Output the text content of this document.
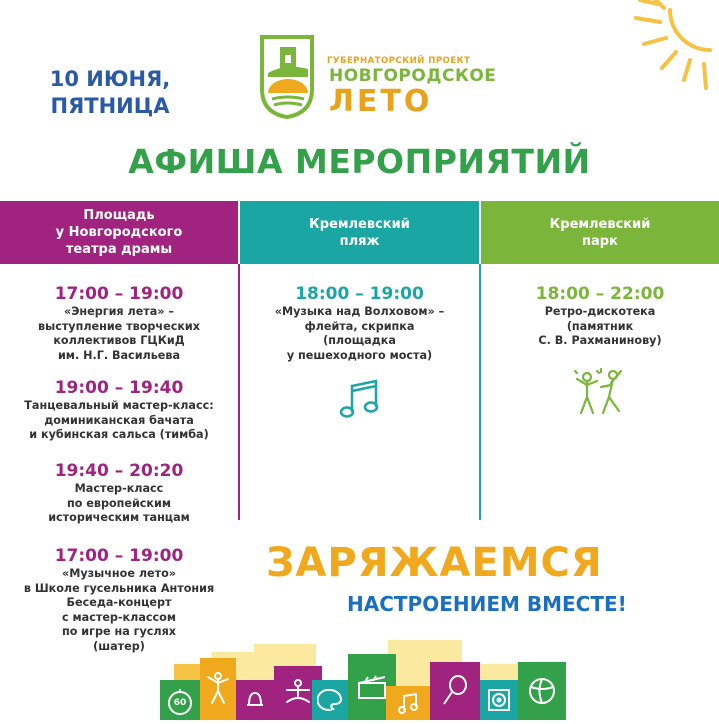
10 ИЮНЯ,
ПЯТНИЦА
ГУБЕРНАТОРСКИЙ ПРОЕКТ
НОВГОРОДСКОЕ
ЛЕТО
АФИША МЕРОПРИЯТИЙ
Площадь
у Новгородского
театра драмы
Кремлевский
пляж
Кремлевский
парк
17:00 – 19:00
«Энергия лета» –
выступление творческих
коллективов ГЦКиД
им. Н.Г. Васильева
19:00 – 19:40
Танцевальный мастер-класс:
доминиканская бачата
и кубинская сальса (тимба)
19:40 – 20:20
Мастер-класс
по европейским
историческим танцам
17:00 – 19:00
«Музычное лето»
в Школе гусельника Антония
Беседа-концерт
с мастер-классом
по игре на гуслях
(шатер)
18:00 – 19:00
«Музыка над Волховом» –
флейта, скрипка
(площадка
у пешеходного моста)
18:00 – 22:00
Ретро-дискотека
(памятник
С. В. Рахманинову)
ЗАРЯЖАЕМСЯ
НАСТРОЕНИЕМ ВМЕСТЕ!
60
